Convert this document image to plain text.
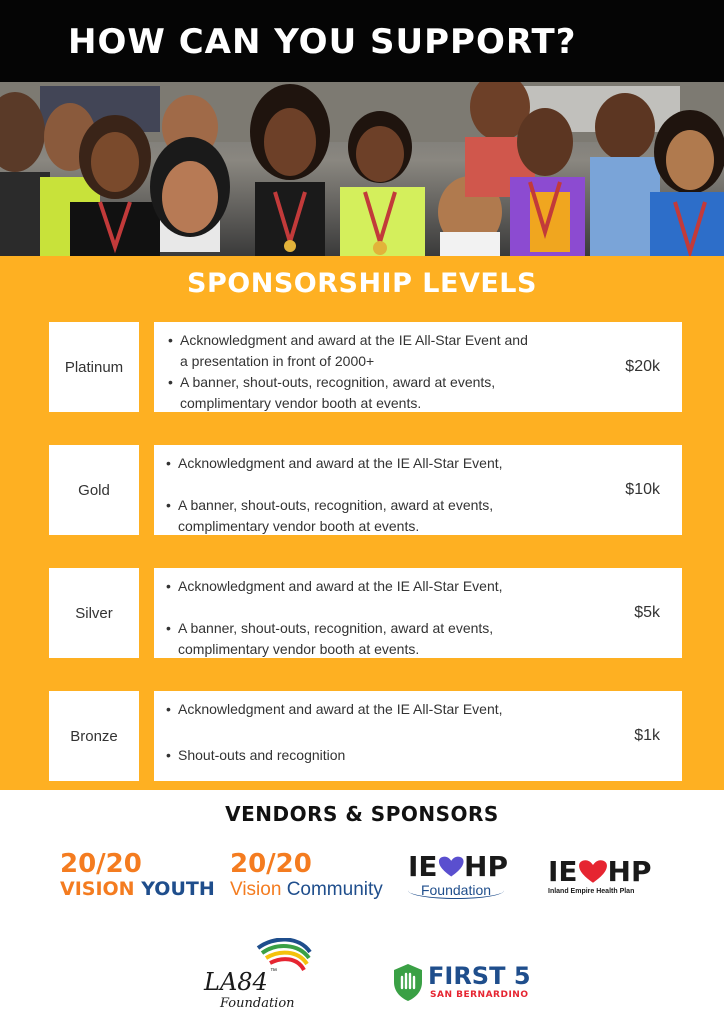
HOW CAN YOU SUPPORT?
SPONSORSHIP LEVELS
Platinum
• Acknowledgment and award at the IE All-Star Event and a presentation in front of 2000+
• A banner, shout-outs, recognition, award at events, complimentary vendor booth at events.
$20k
Gold
• Acknowledgment and award at the IE All-Star Event,
• A banner, shout-outs, recognition, award at events, complimentary vendor booth at events.
$10k
Silver
• Acknowledgment and award at the IE All-Star Event,
• A banner, shout-outs, recognition, award at events, complimentary vendor booth at events.
$5k
Bronze
• Acknowledgment and award at the IE All-Star Event,
• Shout-outs and recognition
$1k
VENDORS & SPONSORS
20/20
VISION YOUTH
20/20
Vision Community
IE HP
Foundation
IE HP
Inland Empire Health Plan
LA84 ™
Foundation
FIRST 5
SAN BERNARDINO
